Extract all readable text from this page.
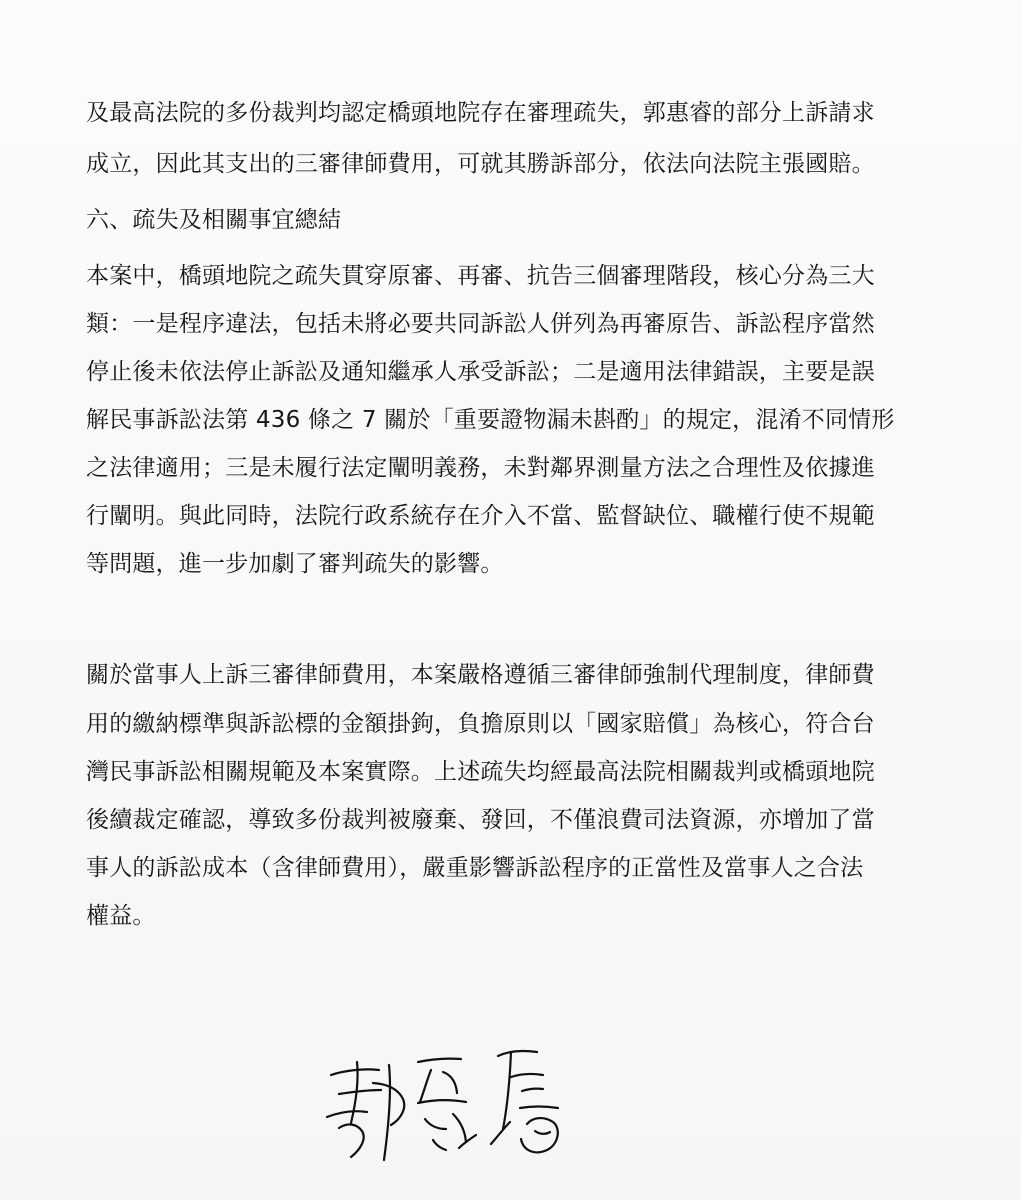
及最高法院的多份裁判均認定橋頭地院存在審理疏失，郭惠睿的部分上訴請求
成立，因此其支出的三審律師費用，可就其勝訴部分，依法向法院主張國賠。
六、疏失及相關事宜總結
本案中，橋頭地院之疏失貫穿原審、再審、抗告三個審理階段，核心分為三大
類：一是程序違法，包括未將必要共同訴訟人併列為再審原告、訴訟程序當然
停止後未依法停止訴訟及通知繼承人承受訴訟；二是適用法律錯誤，主要是誤
解民事訴訟法第 436 條之 7 關於「重要證物漏未斟酌」的規定，混淆不同情形
之法律適用；三是未履行法定闡明義務，未對鄰界測量方法之合理性及依據進
行闡明。與此同時，法院行政系統存在介入不當、監督缺位、職權行使不規範
等問題，進一步加劇了審判疏失的影響。
關於當事人上訴三審律師費用，本案嚴格遵循三審律師強制代理制度，律師費
用的繳納標準與訴訟標的金額掛鉤，負擔原則以「國家賠償」為核心，符合台
灣民事訴訟相關規範及本案實際。上述疏失均經最高法院相關裁判或橋頭地院
後續裁定確認，導致多份裁判被廢棄、發回，不僅浪費司法資源，亦增加了當
事人的訴訟成本（含律師費用），嚴重影響訴訟程序的正當性及當事人之合法
權益。
